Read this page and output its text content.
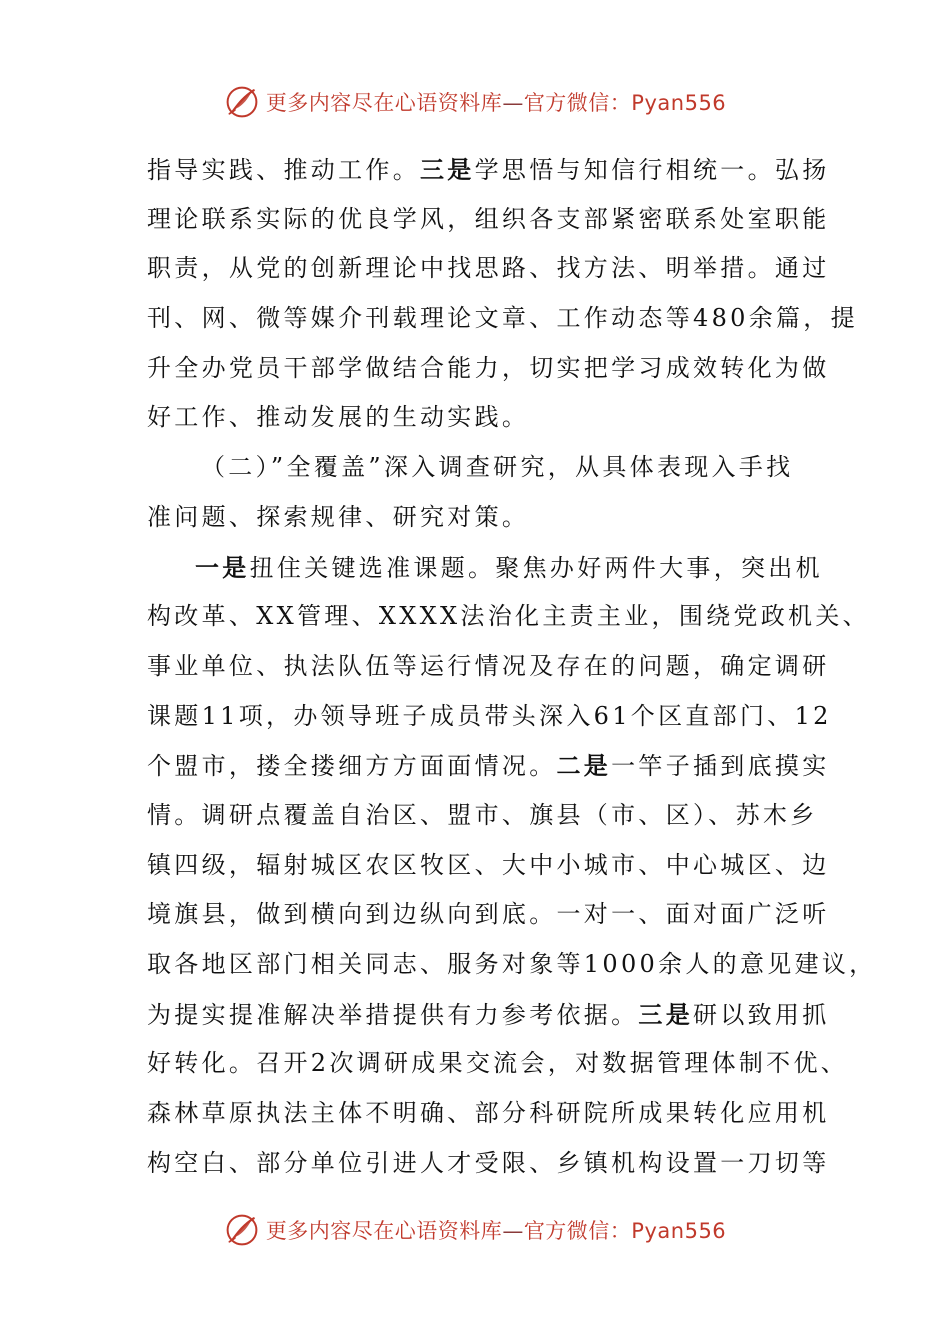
更多内容尽在心语资料库—官方微信：Pyan556
指导实践、推动工作。三是学思悟与知信行相统一。弘扬
理论联系实际的优良学风，组织各支部紧密联系处室职能
职责，从党的创新理论中找思路、找方法、明举措。通过
刊、网、微等媒介刊载理论文章、工作动态等480余篇，提
升全办党员干部学做结合能力，切实把学习成效转化为做
好工作、推动发展的生动实践。
（二）”全覆盖”深入调查研究，从具体表现入手找
准问题、探索规律、研究对策。
一是扭住关键选准课题。聚焦办好两件大事，突出机
构改革、XX管理、XXXX法治化主责主业，围绕党政机关、
事业单位、执法队伍等运行情况及存在的问题，确定调研
课题11项，办领导班子成员带头深入61个区直部门、12
个盟市，搂全搂细方方面面情况。二是一竿子插到底摸实
情。调研点覆盖自治区、盟市、旗县（市、区）、苏木乡
镇四级，辐射城区农区牧区、大中小城市、中心城区、边
境旗县，做到横向到边纵向到底。一对一、面对面广泛听
取各地区部门相关同志、服务对象等1000余人的意见建议，
为提实提准解决举措提供有力参考依据。三是研以致用抓
好转化。召开2次调研成果交流会，对数据管理体制不优、
森林草原执法主体不明确、部分科研院所成果转化应用机
构空白、部分单位引进人才受限、乡镇机构设置一刀切等
更多内容尽在心语资料库—官方微信：Pyan556
